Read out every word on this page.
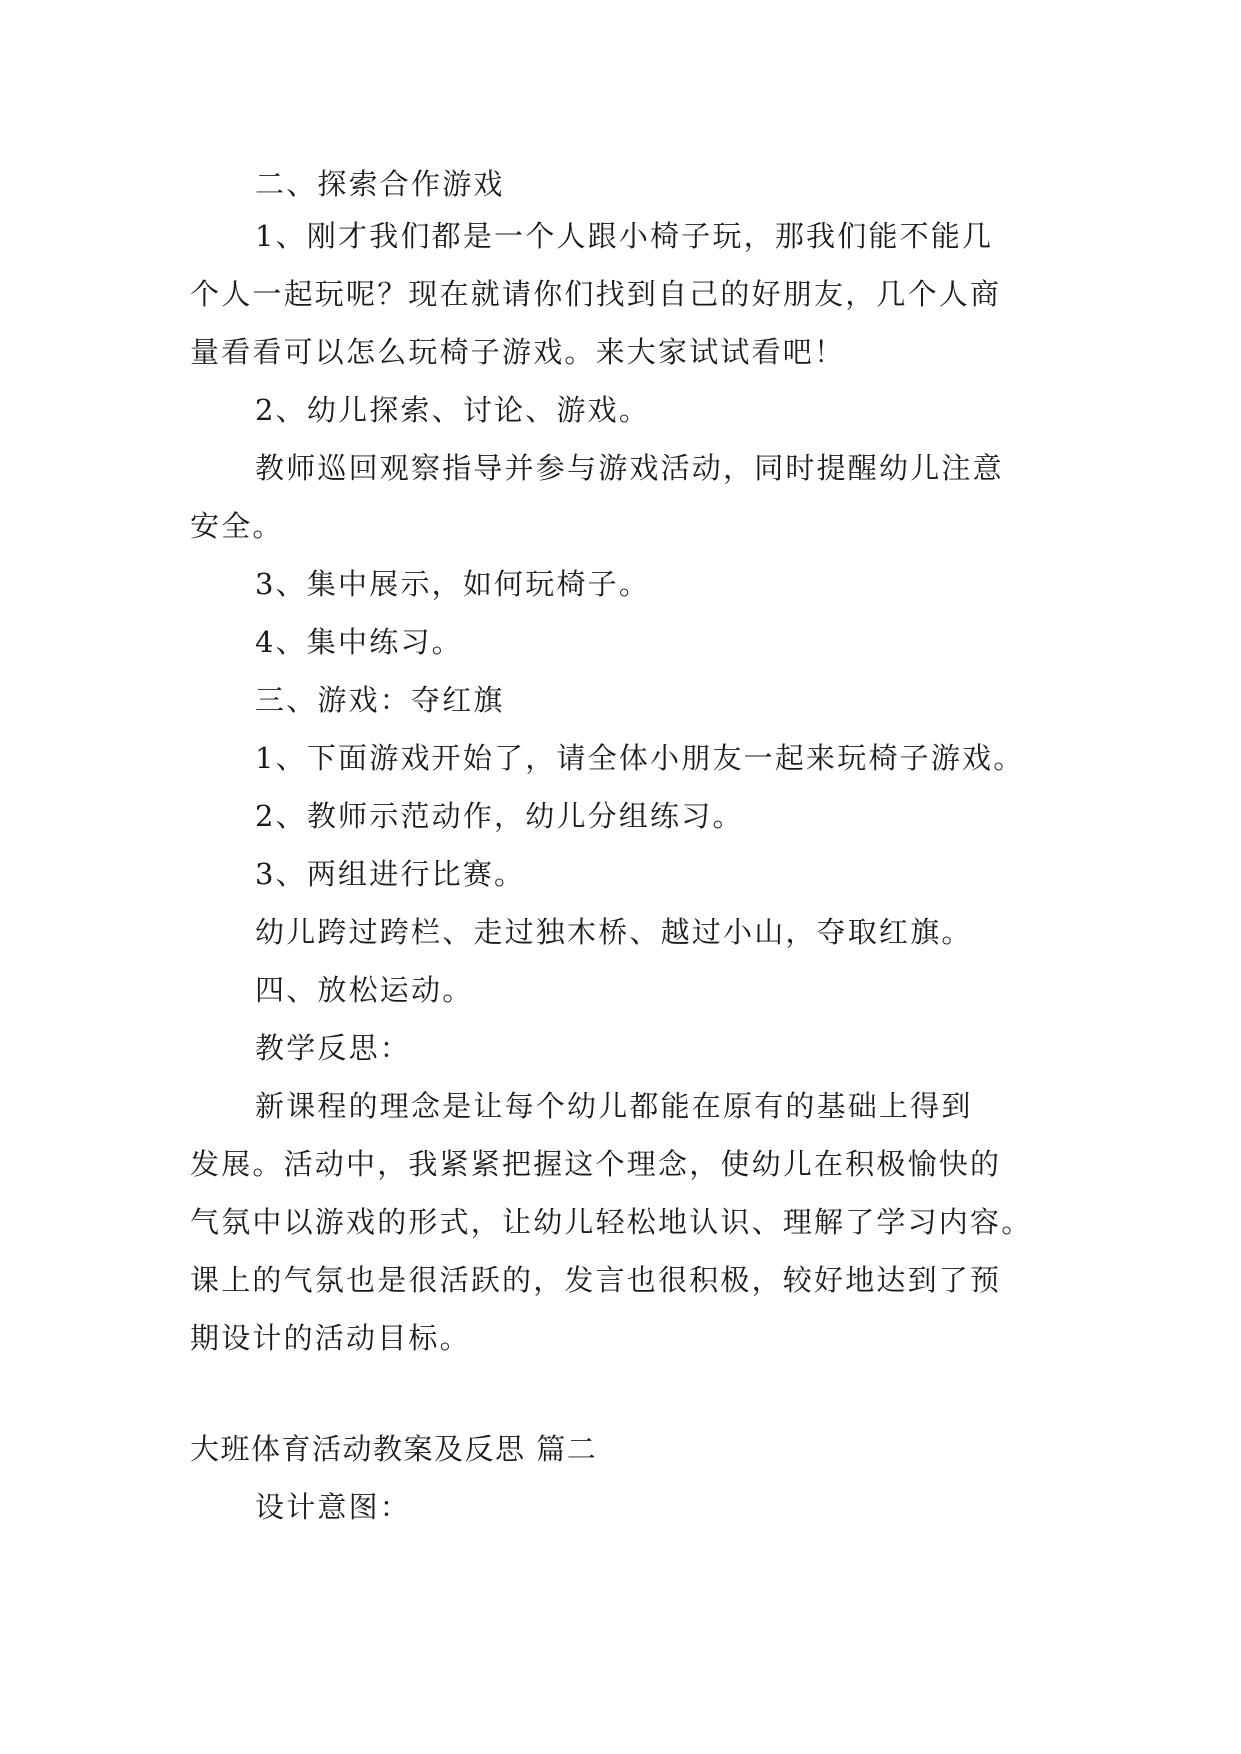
二、探索合作游戏
1、刚才我们都是一个人跟小椅子玩，那我们能不能几
个人一起玩呢？现在就请你们找到自己的好朋友，几个人商
量看看可以怎么玩椅子游戏。来大家试试看吧！
2、幼儿探索、讨论、游戏。
教师巡回观察指导并参与游戏活动，同时提醒幼儿注意
安全。
3、集中展示，如何玩椅子。
4、集中练习。
三、游戏：夺红旗
1、下面游戏开始了，请全体小朋友一起来玩椅子游戏。
2、教师示范动作，幼儿分组练习。
3、两组进行比赛。
幼儿跨过跨栏、走过独木桥、越过小山，夺取红旗。
四、放松运动。
教学反思：
新课程的理念是让每个幼儿都能在原有的基础上得到
发展。活动中，我紧紧把握这个理念，使幼儿在积极愉快的
气氛中以游戏的形式，让幼儿轻松地认识、理解了学习内容。
课上的气氛也是很活跃的，发言也很积极，较好地达到了预
期设计的活动目标。
大班体育活动教案及反思 篇二
设计意图：
